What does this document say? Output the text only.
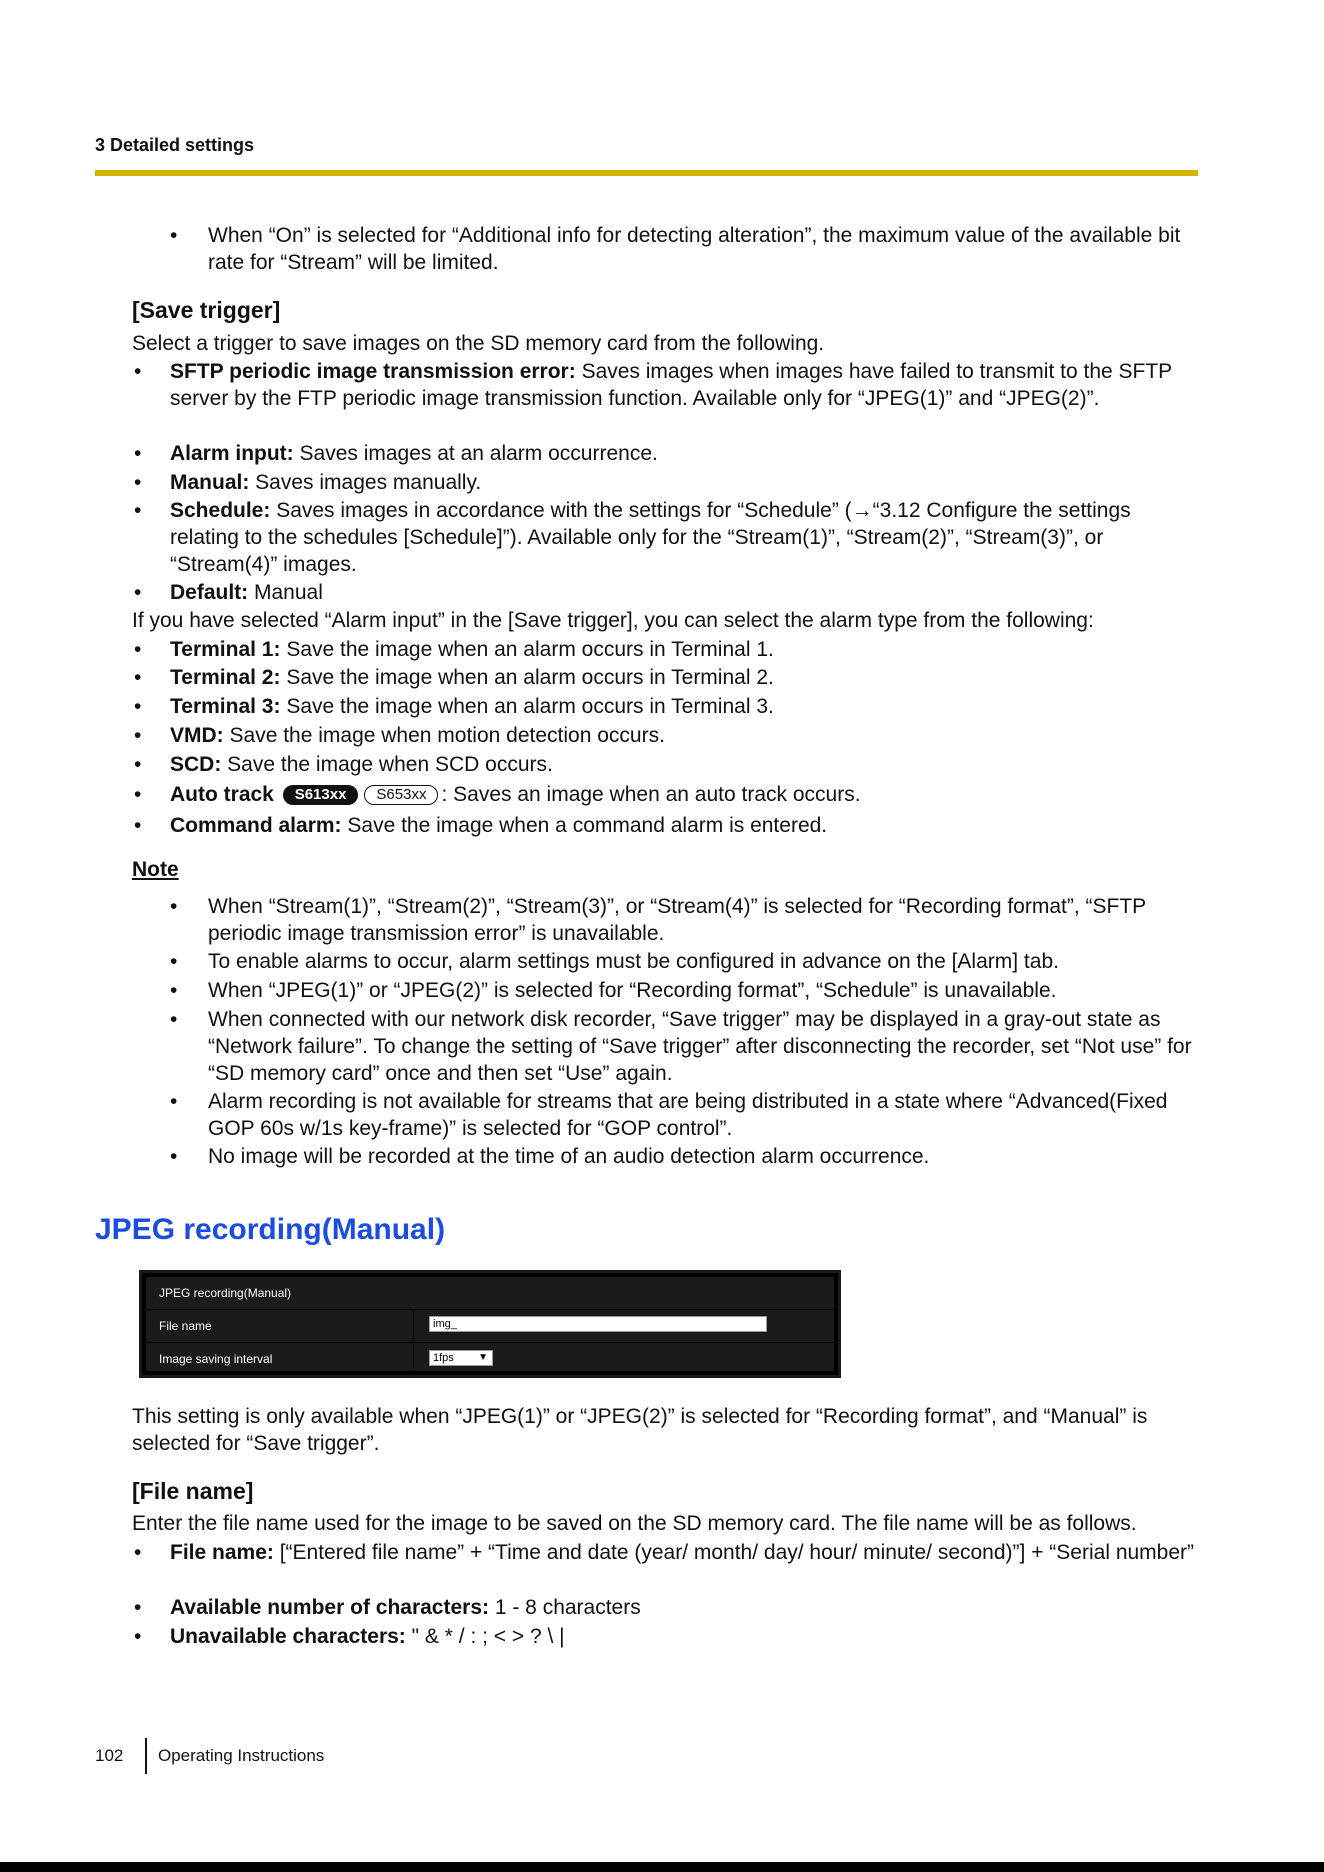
3 Detailed settings
• When “On” is selected for “Additional info for detecting alteration”, the maximum value of the available bit rate for “Stream” will be limited.
[Save trigger]
Select a trigger to save images on the SD memory card from the following.
• SFTP periodic image transmission error: Saves images when images have failed to transmit to the SFTP server by the FTP periodic image transmission function. Available only for “JPEG(1)” and “JPEG(2)”.
• Alarm input: Saves images at an alarm occurrence.
• Manual: Saves images manually.
• Schedule: Saves images in accordance with the settings for “Schedule” (→“3.12 Configure the settings relating to the schedules [Schedule]”). Available only for the “Stream(1)”, “Stream(2)”, “Stream(3)”, or “Stream(4)” images.
• Default: Manual
If you have selected “Alarm input” in the [Save trigger], you can select the alarm type from the following:
• Terminal 1: Save the image when an alarm occurs in Terminal 1.
• Terminal 2: Save the image when an alarm occurs in Terminal 2.
• Terminal 3: Save the image when an alarm occurs in Terminal 3.
• VMD: Save the image when motion detection occurs.
• SCD: Save the image when SCD occurs.
• Auto track S613xx S653xx : Saves an image when an auto track occurs.
• Command alarm: Save the image when a command alarm is entered.
Note
• When “Stream(1)”, “Stream(2)”, “Stream(3)”, or “Stream(4)” is selected for “Recording format”, “SFTP periodic image transmission error” is unavailable.
• To enable alarms to occur, alarm settings must be configured in advance on the [Alarm] tab.
• When “JPEG(1)” or “JPEG(2)” is selected for “Recording format”, “Schedule” is unavailable.
• When connected with our network disk recorder, “Save trigger” may be displayed in a gray-out state as “Network failure”. To change the setting of “Save trigger” after disconnecting the recorder, set “Not use” for “SD memory card” once and then set “Use” again.
• Alarm recording is not available for streams that are being distributed in a state where “Advanced(Fixed GOP 60s w/1s key-frame)” is selected for “GOP control”.
• No image will be recorded at the time of an audio detection alarm occurrence.
JPEG recording(Manual)
JPEG recording(Manual)
File name	img_
Image saving interval	1fps ▼
This setting is only available when “JPEG(1)” or “JPEG(2)” is selected for “Recording format”, and “Manual” is selected for “Save trigger”.
[File name]
Enter the file name used for the image to be saved on the SD memory card. The file name will be as follows.
• File name: [“Entered file name” + “Time and date (year/ month/ day/ hour/ minute/ second)”] + “Serial number”
• Available number of characters: 1 - 8 characters
• Unavailable characters: " & * / : ; < > ? \ |
102 Operating Instructions
